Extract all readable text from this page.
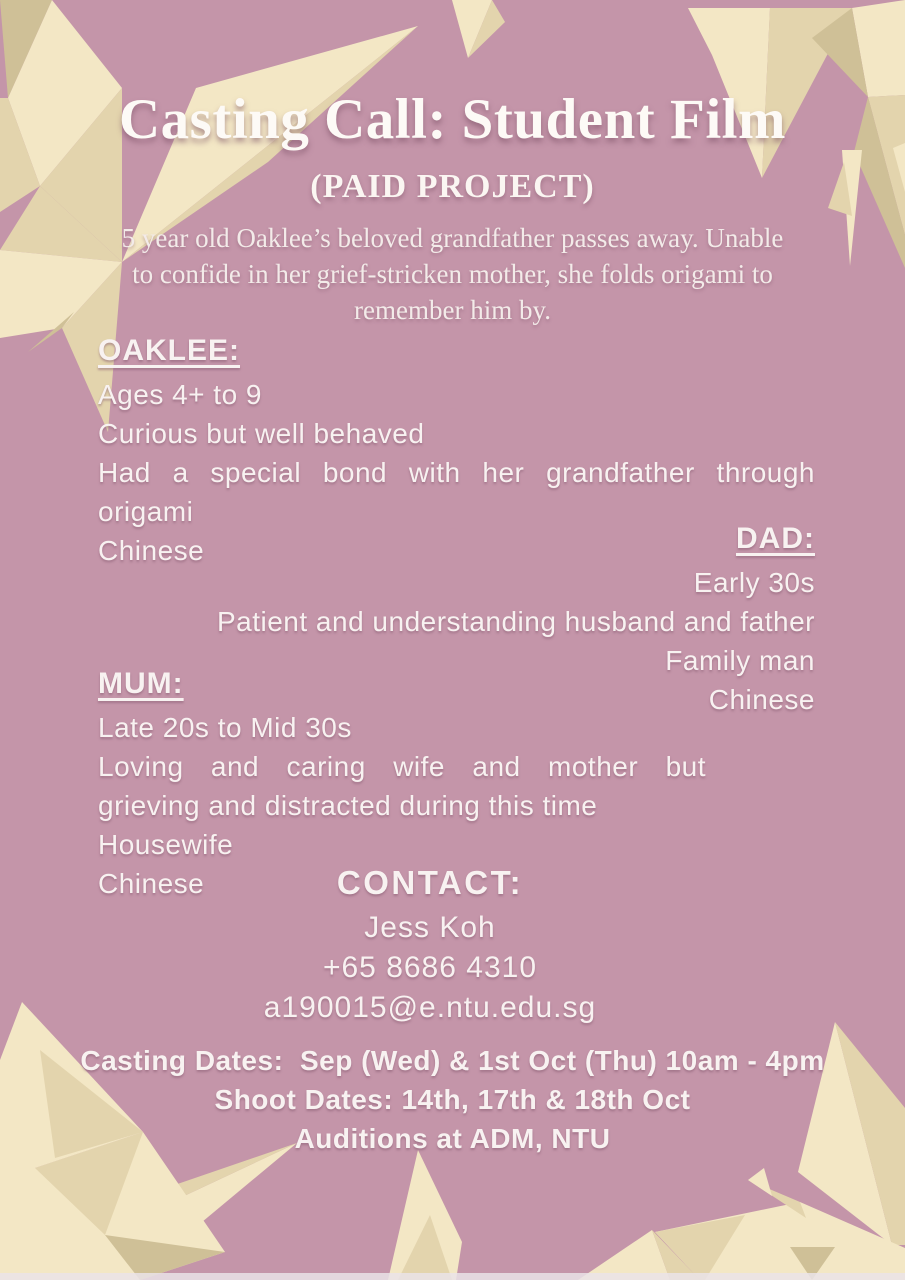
Casting Call: Student Film
(PAID PROJECT)
5 year old Oaklee’s beloved grandfather passes away. Unable
to confide in her grief-stricken mother, she folds origami to
remember him by.
OAKLEE:
Ages 4+ to 9
Curious but well behaved
Had a special bond with her grandfather through
origami
Chinese	DAD:
Early 30s
Patient and understanding husband and father
Family man
Chinese
MUM:
Late 20s to Mid 30s
Loving and caring wife and mother but
grieving and distracted during this time
Housewife
Chinese	CONTACT:
Jess Koh
+65 8686 4310
a190015@e.ntu.edu.sg
Casting Dates:  Sep (Wed) & 1st Oct (Thu) 10am - 4pm
Shoot Dates: 14th, 17th & 18th Oct
Auditions at ADM, NTU
